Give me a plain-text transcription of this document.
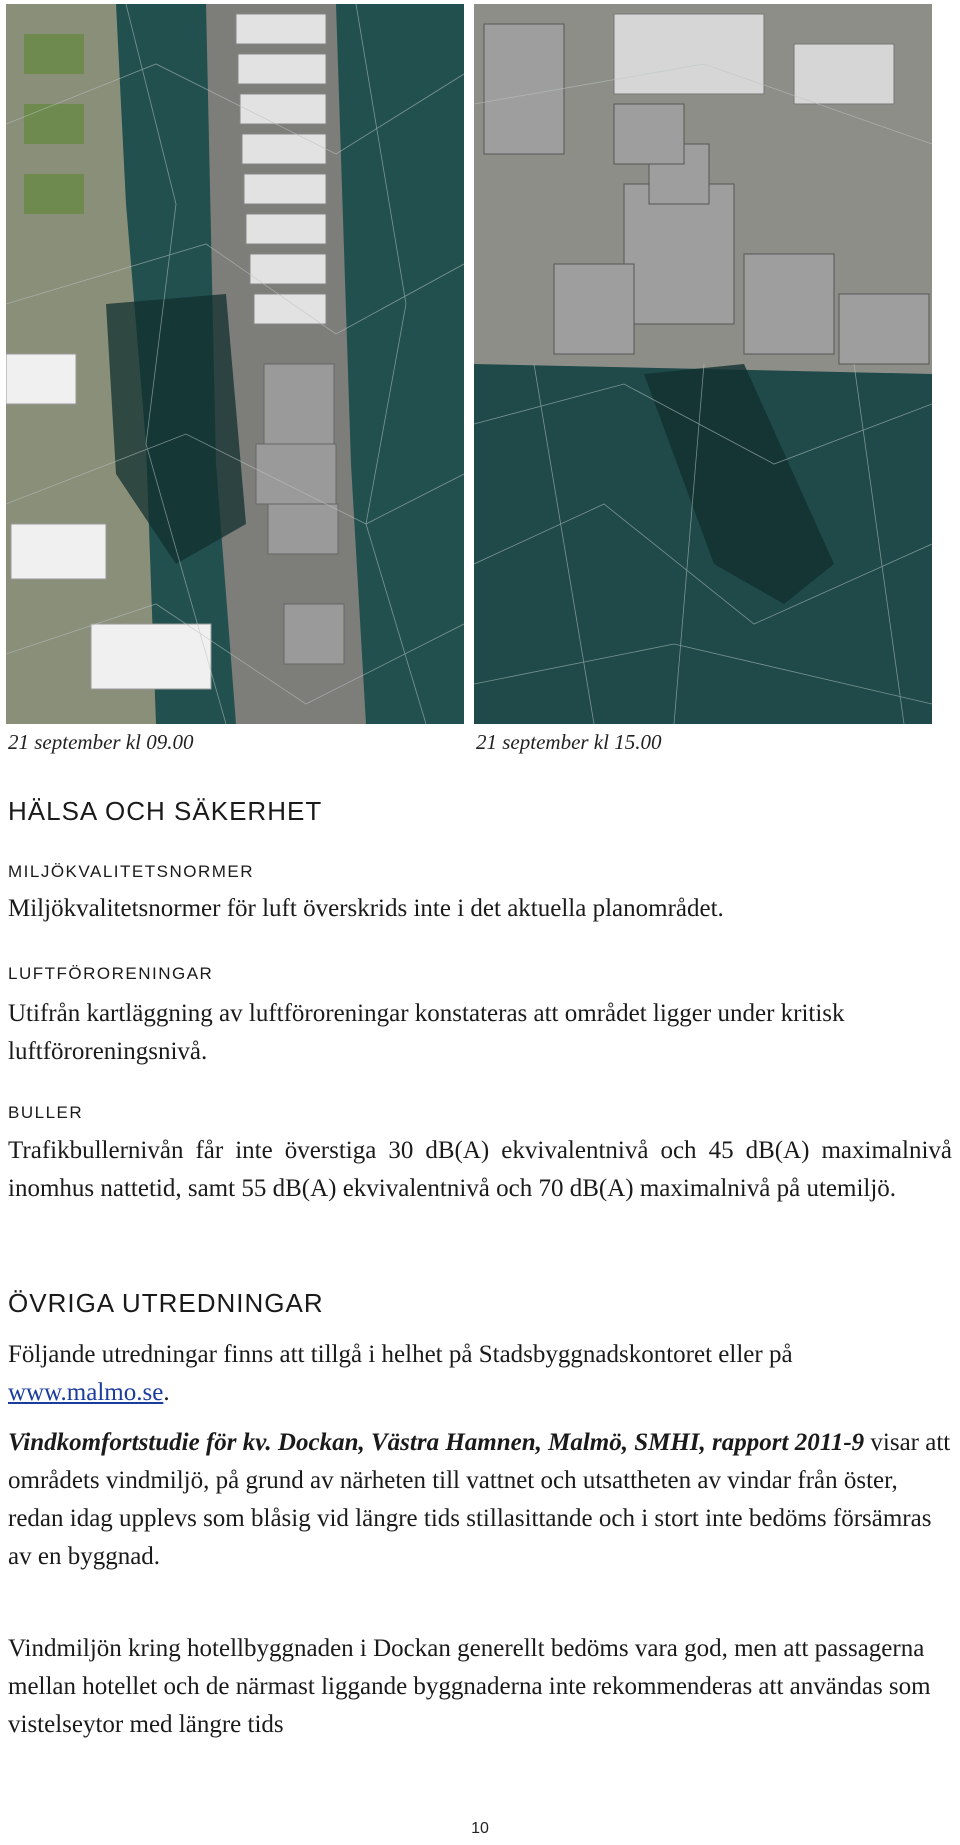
21 september kl 09.00	21 september kl 15.00
HÄLSA OCH SÄKERHET
MILJÖKVALITETSNORMER

Miljökvalitetsnormer för luft överskrids inte i det aktuella planområdet.

LUFTFÖRORENINGAR

Utifrån kartläggning av luftföroreningar konstateras att området ligger under kritisk luftföroreningsnivå.

BULLER

Trafikbullernivån får inte överstiga 30 dB(A) ekvivalentnivå och 45 dB(A) maximalnivå inomhus nattetid, samt 55 dB(A) ekvivalentnivå och 70 dB(A) maximalnivå på utemiljö.

ÖVRIGA UTREDNINGAR

Följande utredningar finns att tillgå i helhet på Stadsbyggnadskontoret eller på www.malmo.se.

Vindkomfortstudie för kv. Dockan, Västra Hamnen, Malmö, SMHI, rapport 2011-9 visar att områdets vindmiljö, på grund av närheten till vattnet och utsattheten av vindar från öster, redan idag upplevs som blåsig vid längre tids stillasittande och i stort inte bedöms försämras av en byggnad.

Vindmiljön kring hotellbyggnaden i Dockan generellt bedöms vara god, men att passagerna mellan hotellet och de närmast liggande byggnaderna inte rekommenderas att användas som vistelseytor med längre tids

10
